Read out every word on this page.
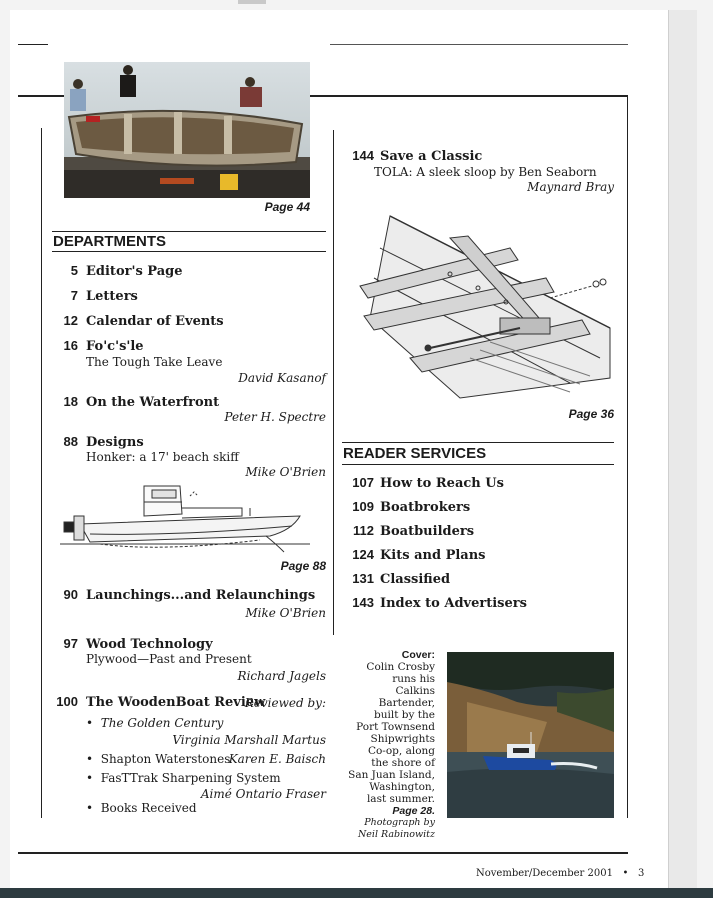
Page 44
DEPARTMENTS
5 Editor's Page
7 Letters
12 Calendar of Events
16 Fo'c's'le
The Tough Take Leave
David Kasanof
18 On the Waterfront
Peter H. Spectre
88 Designs
Honker: a 17' beach skiff
Mike O'Brien
Page 88
90 Launchings...and Relaunchings
Mike O'Brien
97 Wood Technology
Plywood—Past and Present
Richard Jagels
100 The WoodenBoat Review
Reviewed by:
• The Golden Century
Virginia Marshall Martus
• Shapton Waterstones
Karen E. Baisch
• FasTTrak Sharpening System
Aimé Ontario Fraser
• Books Received
144 Save a Classic
TOLA: A sleek sloop by Ben Seaborn
Maynard Bray
Page 36
READER SERVICES
107 How to Reach Us
109 Boatbrokers
112 Boatbuilders
124 Kits and Plans
131 Classified
143 Index to Advertisers
Cover:
Colin Crosby
runs his
Calkins Bartender,
built by the
Port Townsend
Shipwrights
Co-op, along
the shore of
San Juan Island,
Washington,
last summer.
Page 28.
Photograph by
Neil Rabinowitz
November/December 2001 • 3
